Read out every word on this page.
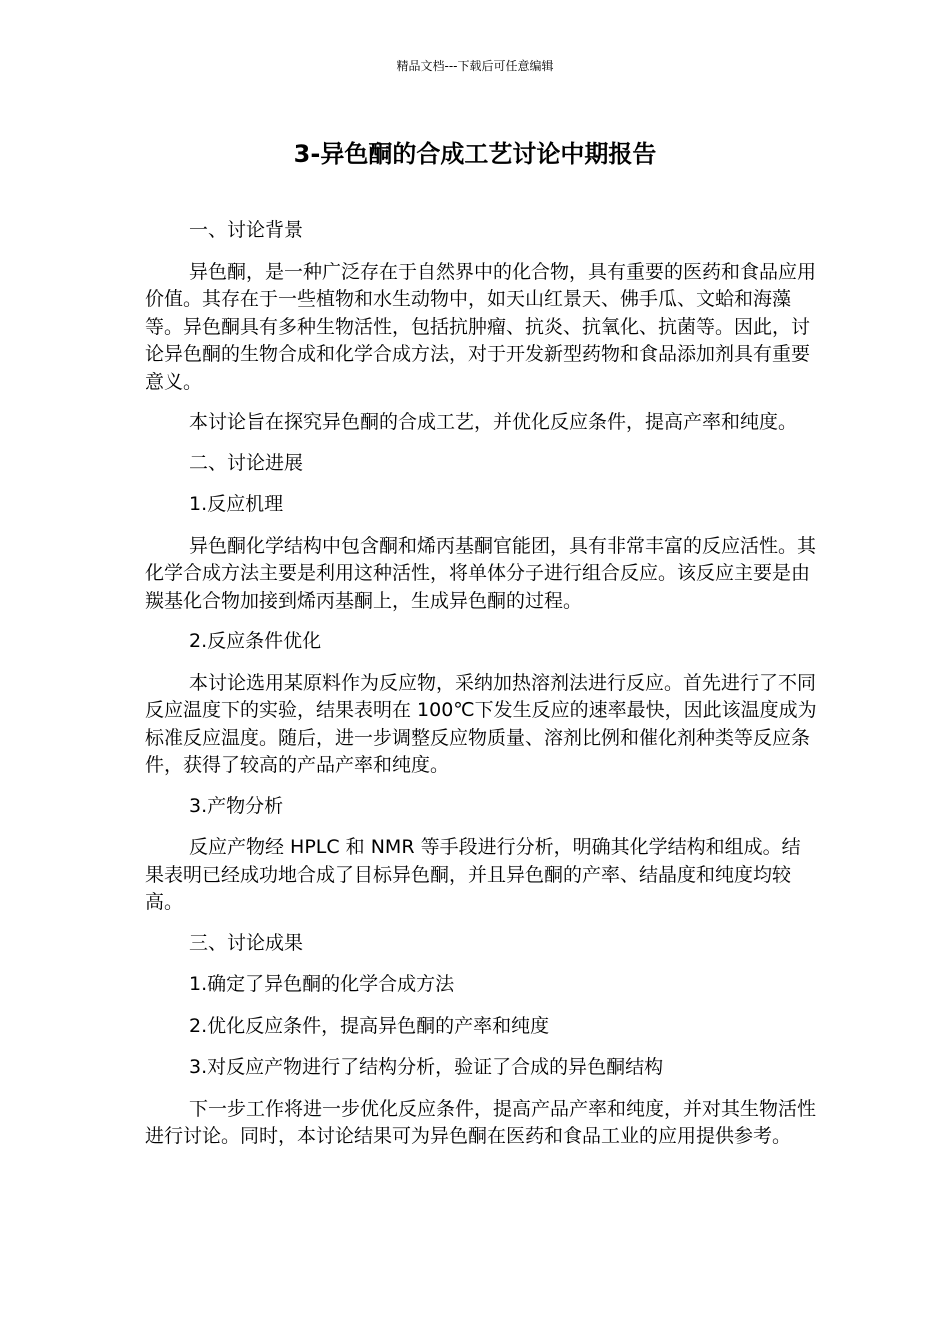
精品文档---下载后可任意编辑
3-异色酮的合成工艺讨论中期报告

一、讨论背景

异色酮，是一种广泛存在于自然界中的化合物，具有重要的医药和食品应用价值。其存在于一些植物和水生动物中，如天山红景天、佛手瓜、文蛤和海藻等。异色酮具有多种生物活性，包括抗肿瘤、抗炎、抗氧化、抗菌等。因此，讨论异色酮的生物合成和化学合成方法，对于开发新型药物和食品添加剂具有重要意义。

本讨论旨在探究异色酮的合成工艺，并优化反应条件，提高产率和纯度。

二、讨论进展

1.反应机理

异色酮化学结构中包含酮和烯丙基酮官能团，具有非常丰富的反应活性。其化学合成方法主要是利用这种活性，将单体分子进行组合反应。该反应主要是由羰基化合物加接到烯丙基酮上，生成异色酮的过程。

2.反应条件优化

本讨论选用某原料作为反应物，采纳加热溶剂法进行反应。首先进行了不同反应温度下的实验，结果表明在 100℃下发生反应的速率最快，因此该温度成为标准反应温度。随后，进一步调整反应物质量、溶剂比例和催化剂种类等反应条件，获得了较高的产品产率和纯度。

3.产物分析

反应产物经 HPLC 和 NMR 等手段进行分析，明确其化学结构和组成。结果表明已经成功地合成了目标异色酮，并且异色酮的产率、结晶度和纯度均较高。

三、讨论成果

1.确定了异色酮的化学合成方法

2.优化反应条件，提高异色酮的产率和纯度

3.对反应产物进行了结构分析，验证了合成的异色酮结构

下一步工作将进一步优化反应条件，提高产品产率和纯度，并对其生物活性进行讨论。同时，本讨论结果可为异色酮在医药和食品工业的应用提供参考。
